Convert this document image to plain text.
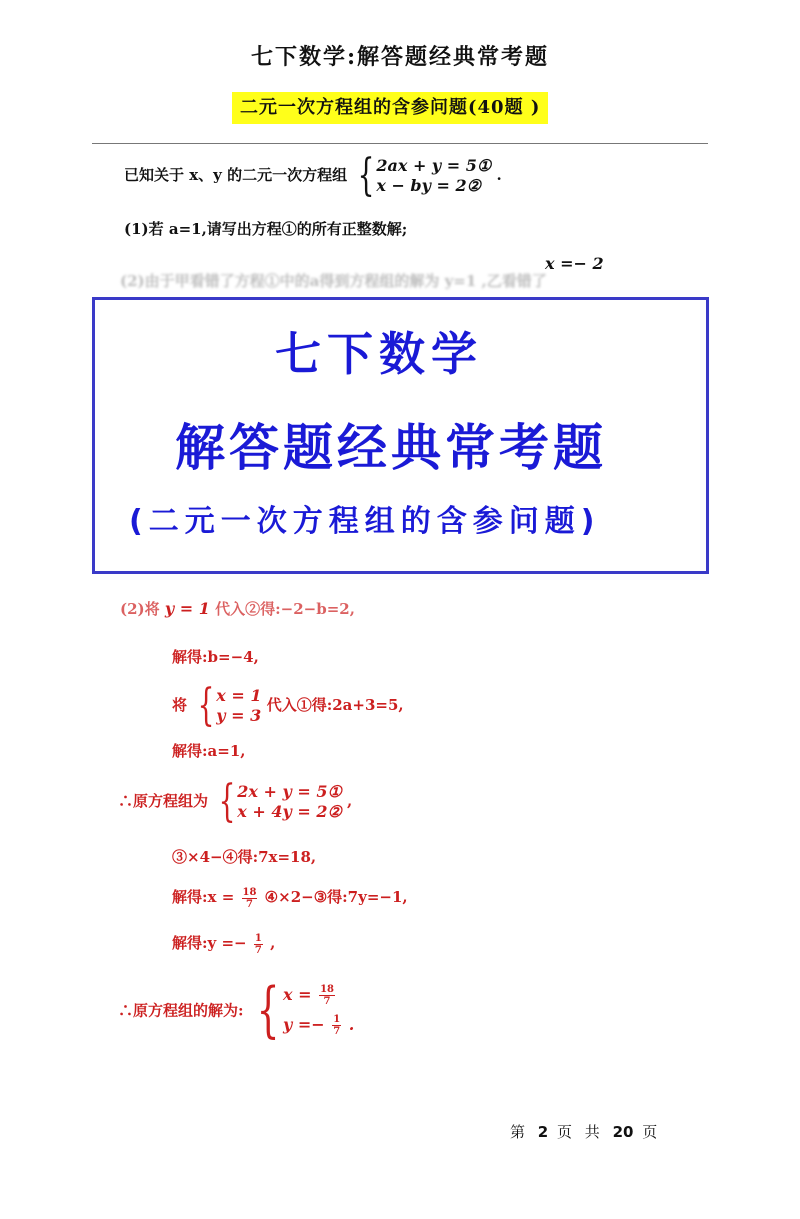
七下数学:解答题经典常考题
二元一次方程组的含参问题(40题 )
已知关于 x、y 的二元一次方程组 { 2ax + y = 5①
x − by = 2②
.
(1)若 a=1,请写出方程①的所有正整数解;
x =− 2
(2)由于甲看错了方程①中的a得到方程组的解为 y=1 ,乙看错了
七下数学
解答题经典常考题
(二元一次方程组的含参问题)
(2)将 y = 1 代入②得:−2−b=2,
解得:b=−4,
将 { x = 1
y = 3
代入①得:2a+3=5,
解得:a=1,
∴原方程组为 { 2x + y = 5①
x + 4y = 2②
,
③×4−④得:7x=18,
解得:x = $\frac{18}{7}$ ④×2−③得:7y=−1,
解得:y =− $\frac{1}{7}$ ,
∴原方程组的解为: { $x = \frac{18}{7}$
$y =- \frac{1}{7}$ .
第 2 页 共 20 页
